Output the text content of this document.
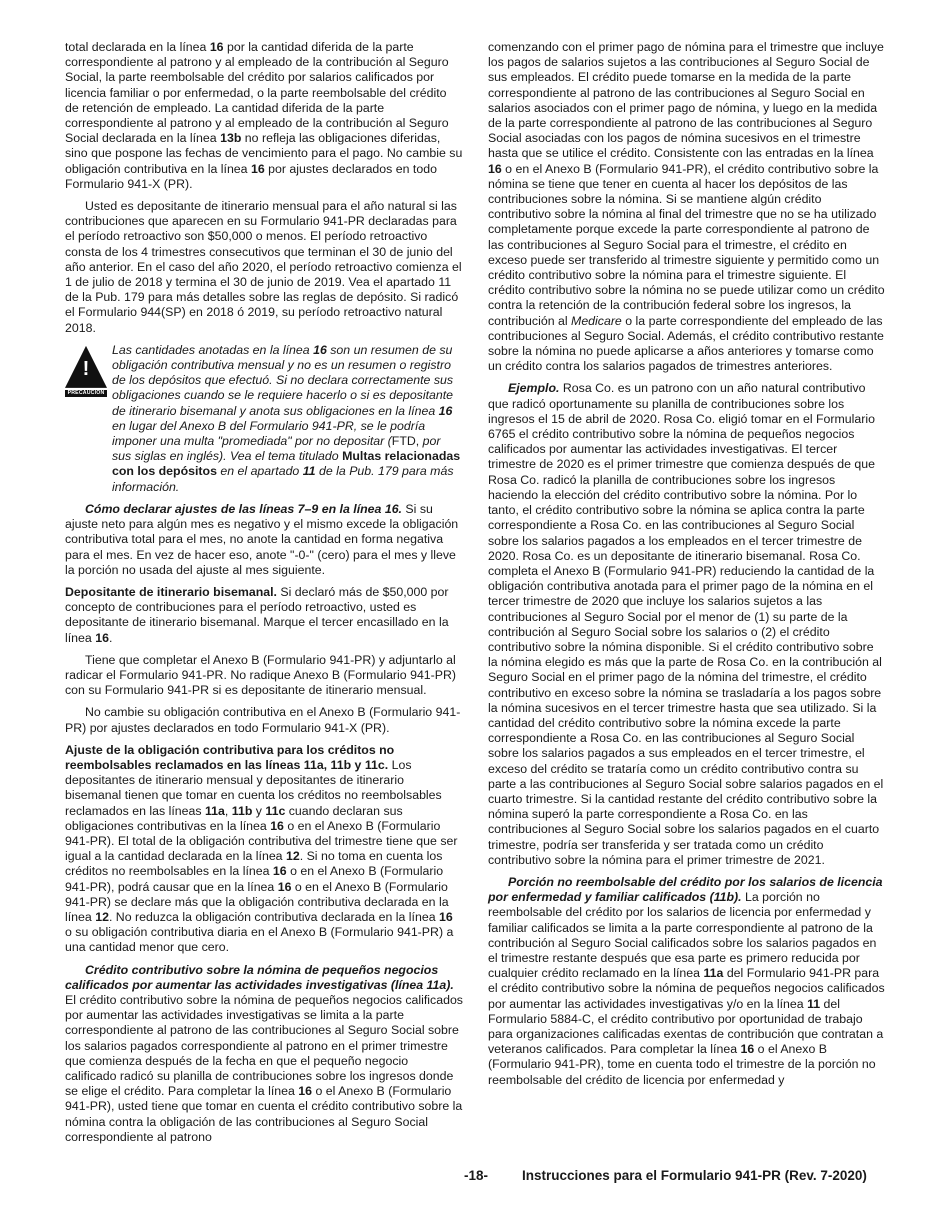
total declarada en la línea 16 por la cantidad diferida de la parte correspondiente al patrono y al empleado de la contribución al Seguro Social, la parte reembolsable del crédito por salarios calificados por licencia familiar o por enfermedad, o la parte reembolsable del crédito de retención de empleado. La cantidad diferida de la parte correspondiente al patrono y al empleado de la contribución al Seguro Social declarada en la línea 13b no refleja las obligaciones diferidas, sino que pospone las fechas de vencimiento para el pago. No cambie su obligación contributiva en la línea 16 por ajustes declarados en todo Formulario 941-X (PR).

Usted es depositante de itinerario mensual para el año natural si las contribuciones que aparecen en su Formulario 941-PR declaradas para el período retroactivo son $50,000 o menos. El período retroactivo consta de los 4 trimestres consecutivos que terminan el 30 de junio del año anterior. En el caso del año 2020, el período retroactivo comienza el 1 de julio de 2018 y termina el 30 de junio de 2019. Vea el apartado 11 de la Pub. 179 para más detalles sobre las reglas de depósito. Si radicó el Formulario 944(SP) en 2018 ó 2019, su período retroactivo natural 2018.

!
PRECAUCIÓN
Las cantidades anotadas en la línea 16 son un resumen de su obligación contributiva mensual y no es un resumen o registro de los depósitos que efectuó. Si no declara correctamente sus obligaciones cuando se le requiere hacerlo o si es depositante de itinerario bisemanal y anota sus obligaciones en la línea 16 en lugar del Anexo B del Formulario 941-PR, se le podría imponer una multa "promediada" por no depositar (FTD, por sus siglas en inglés). Vea el tema titulado Multas relacionadas con los depósitos en el apartado 11 de la Pub. 179 para más información.

Cómo declarar ajustes de las líneas 7–9 en la línea 16. Si su ajuste neto para algún mes es negativo y el mismo excede la obligación contributiva total para el mes, no anote la cantidad en forma negativa para el mes. En vez de hacer eso, anote "-0-" (cero) para el mes y lleve la porción no usada del ajuste al mes siguiente.

Depositante de itinerario bisemanal. Si declaró más de $50,000 por concepto de contribuciones para el período retroactivo, usted es depositante de itinerario bisemanal. Marque el tercer encasillado en la línea 16.

Tiene que completar el Anexo B (Formulario 941-PR) y adjuntarlo al radicar el Formulario 941-PR. No radique Anexo B (Formulario 941-PR) con su Formulario 941-PR si es depositante de itinerario mensual.

No cambie su obligación contributiva en el Anexo B (Formulario 941-PR) por ajustes declarados en todo Formulario 941-X (PR).

Ajuste de la obligación contributiva para los créditos no reembolsables reclamados en las líneas 11a, 11b y 11c. Los depositantes de itinerario mensual y depositantes de itinerario bisemanal tienen que tomar en cuenta los créditos no reembolsables reclamados en las líneas 11a, 11b y 11c cuando declaran sus obligaciones contributivas en la línea 16 o en el Anexo B (Formulario 941-PR). El total de la obligación contributiva del trimestre tiene que ser igual a la cantidad declarada en la línea 12. Si no toma en cuenta los créditos no reembolsables en la línea 16 o en el Anexo B (Formulario 941-PR), podrá causar que en la línea 16 o en el Anexo B (Formulario 941-PR) se declare más que la obligación contributiva declarada en la línea 12. No reduzca la obligación contributiva declarada en la línea 16 o su obligación contributiva diaria en el Anexo B (Formulario 941-PR) a una cantidad menor que cero.

Crédito contributivo sobre la nómina de pequeños negocios calificados por aumentar las actividades investigativas (línea 11a). El crédito contributivo sobre la nómina de pequeños negocios calificados por aumentar las actividades investigativas se limita a la parte correspondiente al patrono de las contribuciones al Seguro Social sobre los salarios pagados correspondiente al patrono en el primer trimestre que comienza después de la fecha en que el pequeño negocio calificado radicó su planilla de contribuciones sobre los ingresos donde se elige el crédito. Para completar la línea 16 o el Anexo B (Formulario 941-PR), usted tiene que tomar en cuenta el crédito contributivo sobre la nómina contra la obligación de las contribuciones al Seguro Social correspondiente al patrono

comenzando con el primer pago de nómina para el trimestre que incluye los pagos de salarios sujetos a las contribuciones al Seguro Social de sus empleados. El crédito puede tomarse en la medida de la parte correspondiente al patrono de las contribuciones al Seguro Social en salarios asociados con el primer pago de nómina, y luego en la medida de la parte correspondiente al patrono de las contribuciones al Seguro Social asociadas con los pagos de nómina sucesivos en el trimestre hasta que se utilice el crédito. Consistente con las entradas en la línea 16 o en el Anexo B (Formulario 941-PR), el crédito contributivo sobre la nómina se tiene que tener en cuenta al hacer los depósitos de las contribuciones sobre la nómina. Si se mantiene algún crédito contributivo sobre la nómina al final del trimestre que no se ha utilizado completamente porque excede la parte correspondiente al patrono de las contribuciones al Seguro Social para el trimestre, el crédito en exceso puede ser transferido al trimestre siguiente y permitido como un crédito contributivo sobre la nómina para el trimestre siguiente. El crédito contributivo sobre la nómina no se puede utilizar como un crédito contra la retención de la contribución federal sobre los ingresos, la contribución al Medicare o la parte correspondiente del empleado de las contribuciones al Seguro Social. Además, el crédito contributivo restante sobre la nómina no puede aplicarse a años anteriores y tomarse como un crédito contra los salarios pagados de trimestres anteriores.

Ejemplo. Rosa Co. es un patrono con un año natural contributivo que radicó oportunamente su planilla de contribuciones sobre los ingresos el 15 de abril de 2020. Rosa Co. eligió tomar en el Formulario 6765 el crédito contributivo sobre la nómina de pequeños negocios calificados por aumentar las actividades investigativas. El tercer trimestre de 2020 es el primer trimestre que comienza después de que Rosa Co. radicó la planilla de contribuciones sobre los ingresos haciendo la elección del crédito contributivo sobre la nómina. Por lo tanto, el crédito contributivo sobre la nómina se aplica contra la parte correspondiente a Rosa Co. en las contribuciones al Seguro Social sobre los salarios pagados a los empleados en el tercer trimestre de 2020. Rosa Co. es un depositante de itinerario bisemanal. Rosa Co. completa el Anexo B (Formulario 941-PR) reduciendo la cantidad de la obligación contributiva anotada para el primer pago de la nómina en el tercer trimestre de 2020 que incluye los salarios sujetos a las contribuciones al Seguro Social por el menor de (1) su parte de la contribución al Seguro Social sobre los salarios o (2) el crédito contributivo sobre la nómina disponible. Si el crédito contributivo sobre la nómina elegido es más que la parte de Rosa Co. en la contribución al Seguro Social en el primer pago de la nómina del trimestre, el crédito contributivo en exceso sobre la nómina se trasladaría a los pagos sobre la nómina sucesivos en el tercer trimestre hasta que sea utilizado. Si la cantidad del crédito contributivo sobre la nómina excede la parte correspondiente a Rosa Co. en las contribuciones al Seguro Social sobre los salarios pagados a sus empleados en el tercer trimestre, el exceso del crédito se trataría como un crédito contributivo contra su parte a las contribuciones al Seguro Social sobre salarios pagados en el cuarto trimestre. Si la cantidad restante del crédito contributivo sobre la nómina superó la parte correspondiente a Rosa Co. en las contribuciones al Seguro Social sobre los salarios pagados en el cuarto trimestre, podría ser transferida y ser tratada como un crédito contributivo sobre la nómina para el primer trimestre de 2021.

Porción no reembolsable del crédito por los salarios de licencia por enfermedad y familiar calificados (11b). La porción no reembolsable del crédito por los salarios de licencia por enfermedad y familiar calificados se limita a la parte correspondiente al patrono de la contribución al Seguro Social calificados sobre los salarios pagados en el trimestre restante después que esa parte es primero reducida por cualquier crédito reclamado en la línea 11a del Formulario 941-PR para el crédito contributivo sobre la nómina de pequeños negocios calificados por aumentar las actividades investigativas y/o en la línea 11 del Formulario 5884-C, el crédito contributivo por oportunidad de trabajo para organizaciones calificadas exentas de contribución que contratan a veteranos calificados. Para completar la línea 16 o el Anexo B (Formulario 941-PR), tome en cuenta todo el trimestre de la porción no reembolsable del crédito de licencia por enfermedad y

-18-	Instrucciones para el Formulario 941-PR (Rev. 7-2020)
